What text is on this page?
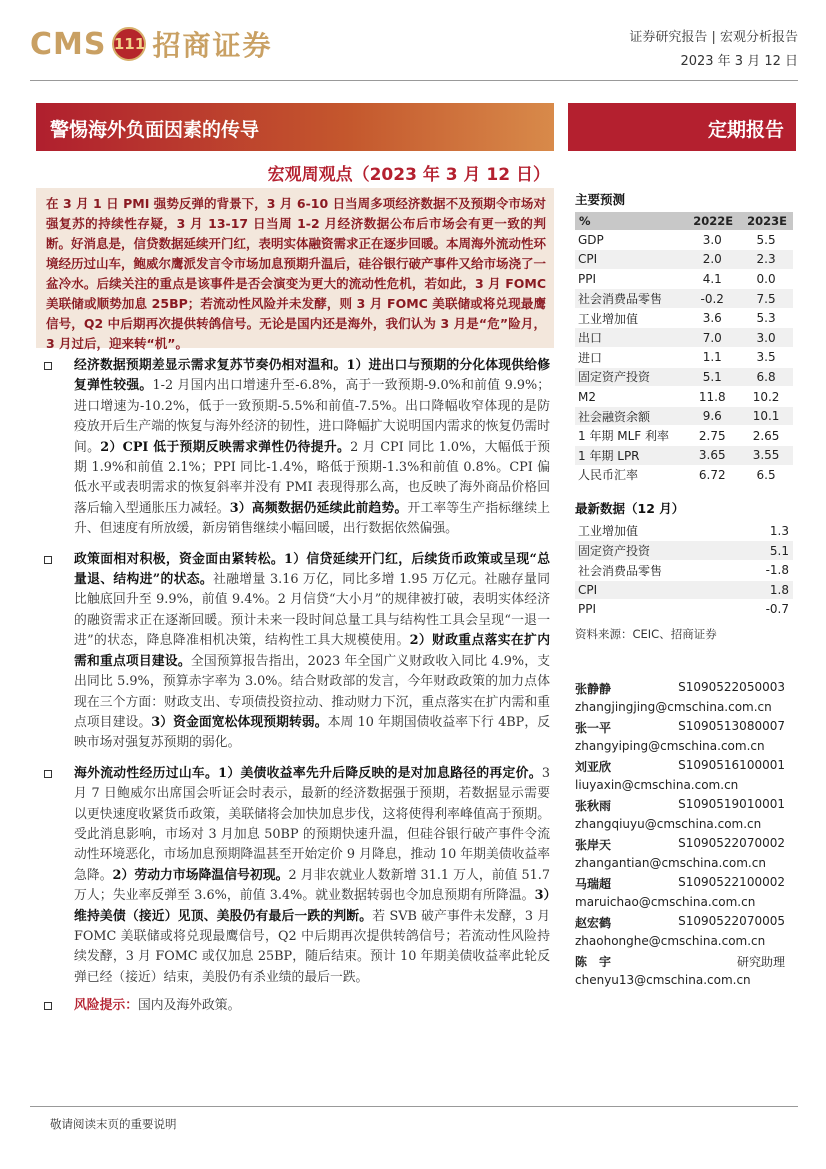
CMS 111 招商证券	证券研究报告 | 宏观分析报告
2023 年 3 月 12 日
警惕海外负面因素的传导	定期报告
宏观周观点（2023 年 3 月 12 日）
在 3 月 1 日 PMI 强势反弹的背景下，3 月 6-10 日当周多项经济数据不及预期令市场对强复苏的持续性存疑，3 月 13-17 日当周 1-2 月经济数据公布后市场会有更一致的判断。好消息是，信贷数据延续开门红，表明实体融资需求正在逐步回暖。本周海外流动性环境经历过山车，鲍威尔鹰派发言令市场加息预期升温后，硅谷银行破产事件又给市场浇了一盆冷水。后续关注的重点是该事件是否会演变为更大的流动性危机，若如此，3 月 FOMC 美联储或顺势加息 25BP；若流动性风险并未发酵，则 3 月 FOMC 美联储或将兑现最鹰信号，Q2 中后期再次提供转鸽信号。无论是国内还是海外，我们认为 3 月是“危”险月，3 月过后，迎来转“机”。
经济数据预期差显示需求复苏节奏仍相对温和。1）进出口与预期的分化体现供给修复弹性较强。1-2 月国内出口增速升至-6.8%，高于一致预期-9.0%和前值 9.9%；进口增速为-10.2%，低于一致预期-5.5%和前值-7.5%。出口降幅收窄体现的是防疫放开后生产端的恢复与海外经济的韧性，进口降幅扩大说明国内需求的恢复仍需时间。2）CPI 低于预期反映需求弹性仍待提升。2 月 CPI 同比 1.0%，大幅低于预期 1.9%和前值 2.1%；PPI 同比-1.4%，略低于预期-1.3%和前值 0.8%。CPI 偏低水平或表明需求的恢复斜率并没有 PMI 表现得那么高，也反映了海外商品价格回落后输入型通胀压力减轻。3）高频数据仍延续此前趋势。开工率等生产指标继续上升、但速度有所放缓，新房销售继续小幅回暖，出行数据依然偏强。
政策面相对积极，资金面由紧转松。1）信贷延续开门红，后续货币政策或呈现“总量退、结构进”的状态。社融增量 3.16 万亿，同比多增 1.95 万亿元。社融存量同比触底回升至 9.9%，前值 9.4%。2 月信贷“大小月”的规律被打破，表明实体经济的融资需求正在逐渐回暖。预计未来一段时间总量工具与结构性工具会呈现“一退一进”的状态，降息降准相机决策，结构性工具大规模使用。2）财政重点落实在扩内需和重点项目建设。全国预算报告指出，2023 年全国广义财政收入同比 4.9%，支出同比 5.9%，预算赤字率为 3.0%。结合财政部的发言，今年财政政策的加力点体现在三个方面：财政支出、专项债投资拉动、推动财力下沉，重点落实在扩内需和重点项目建设。3）资金面宽松体现预期转弱。本周 10 年期国债收益率下行 4BP，反映市场对强复苏预期的弱化。
海外流动性经历过山车。1）美债收益率先升后降反映的是对加息路径的再定价。3 月 7 日鲍威尔出席国会听证会时表示，最新的经济数据强于预期，若数据显示需要以更快速度收紧货币政策，美联储将会加快加息步伐，这将使得利率峰值高于预期。受此消息影响，市场对 3 月加息 50BP 的预期快速升温，但硅谷银行破产事件令流动性环境恶化，市场加息预期降温甚至开始定价 9 月降息，推动 10 年期美债收益率急降。2）劳动力市场降温信号初现。2 月非农就业人数新增 31.1 万人，前值 51.7 万人；失业率反弹至 3.6%，前值 3.4%。就业数据转弱也令加息预期有所降温。3）维持美债（接近）见顶、美股仍有最后一跌的判断。若 SVB 破产事件未发酵，3 月 FOMC 美联储或将兑现最鹰信号，Q2 中后期再次提供转鸽信号；若流动性风险持续发酵，3 月 FOMC 或仅加息 25BP，随后结束。预计 10 年期美债收益率此轮反弹已经（接近）结束，美股仍有杀业绩的最后一跌。
风险提示：国内及海外政策。
主要预测
%	2022E	2023E
GDP	3.0	5.5
CPI	2.0	2.3
PPI	4.1	0.0
社会消费品零售	-0.2	7.5
工业增加值	3.6	5.3
出口	7.0	3.0
进口	1.1	3.5
固定资产投资	5.1	6.8
M2	11.8	10.2
社会融资余额	9.6	10.1
1 年期 MLF 利率	2.75	2.65
1 年期 LPR	3.65	3.55
人民币汇率	6.72	6.5
最新数据（12 月）
工业增加值	1.3
固定资产投资	5.1
社会消费品零售	-1.8
CPI	1.8
PPI	-0.7
资料来源：CEIC、招商证券
张静静	S1090522050003
zhangjingjing@cmschina.com.cn
张一平	S1090513080007
zhangyiping@cmschina.com.cn
刘亚欣	S1090516100001
liuyaxin@cmschina.com.cn
张秋雨	S1090519010001
zhangqiuyu@cmschina.com.cn
张岸天	S1090522070002
zhangantian@cmschina.com.cn
马瑞超	S1090522100002
maruichao@cmschina.com.cn
赵宏鹤	S1090522070005
zhaohonghe@cmschina.com.cn
陈　宇	研究助理
chenyu13@cmschina.com.cn
敬请阅读末页的重要说明
